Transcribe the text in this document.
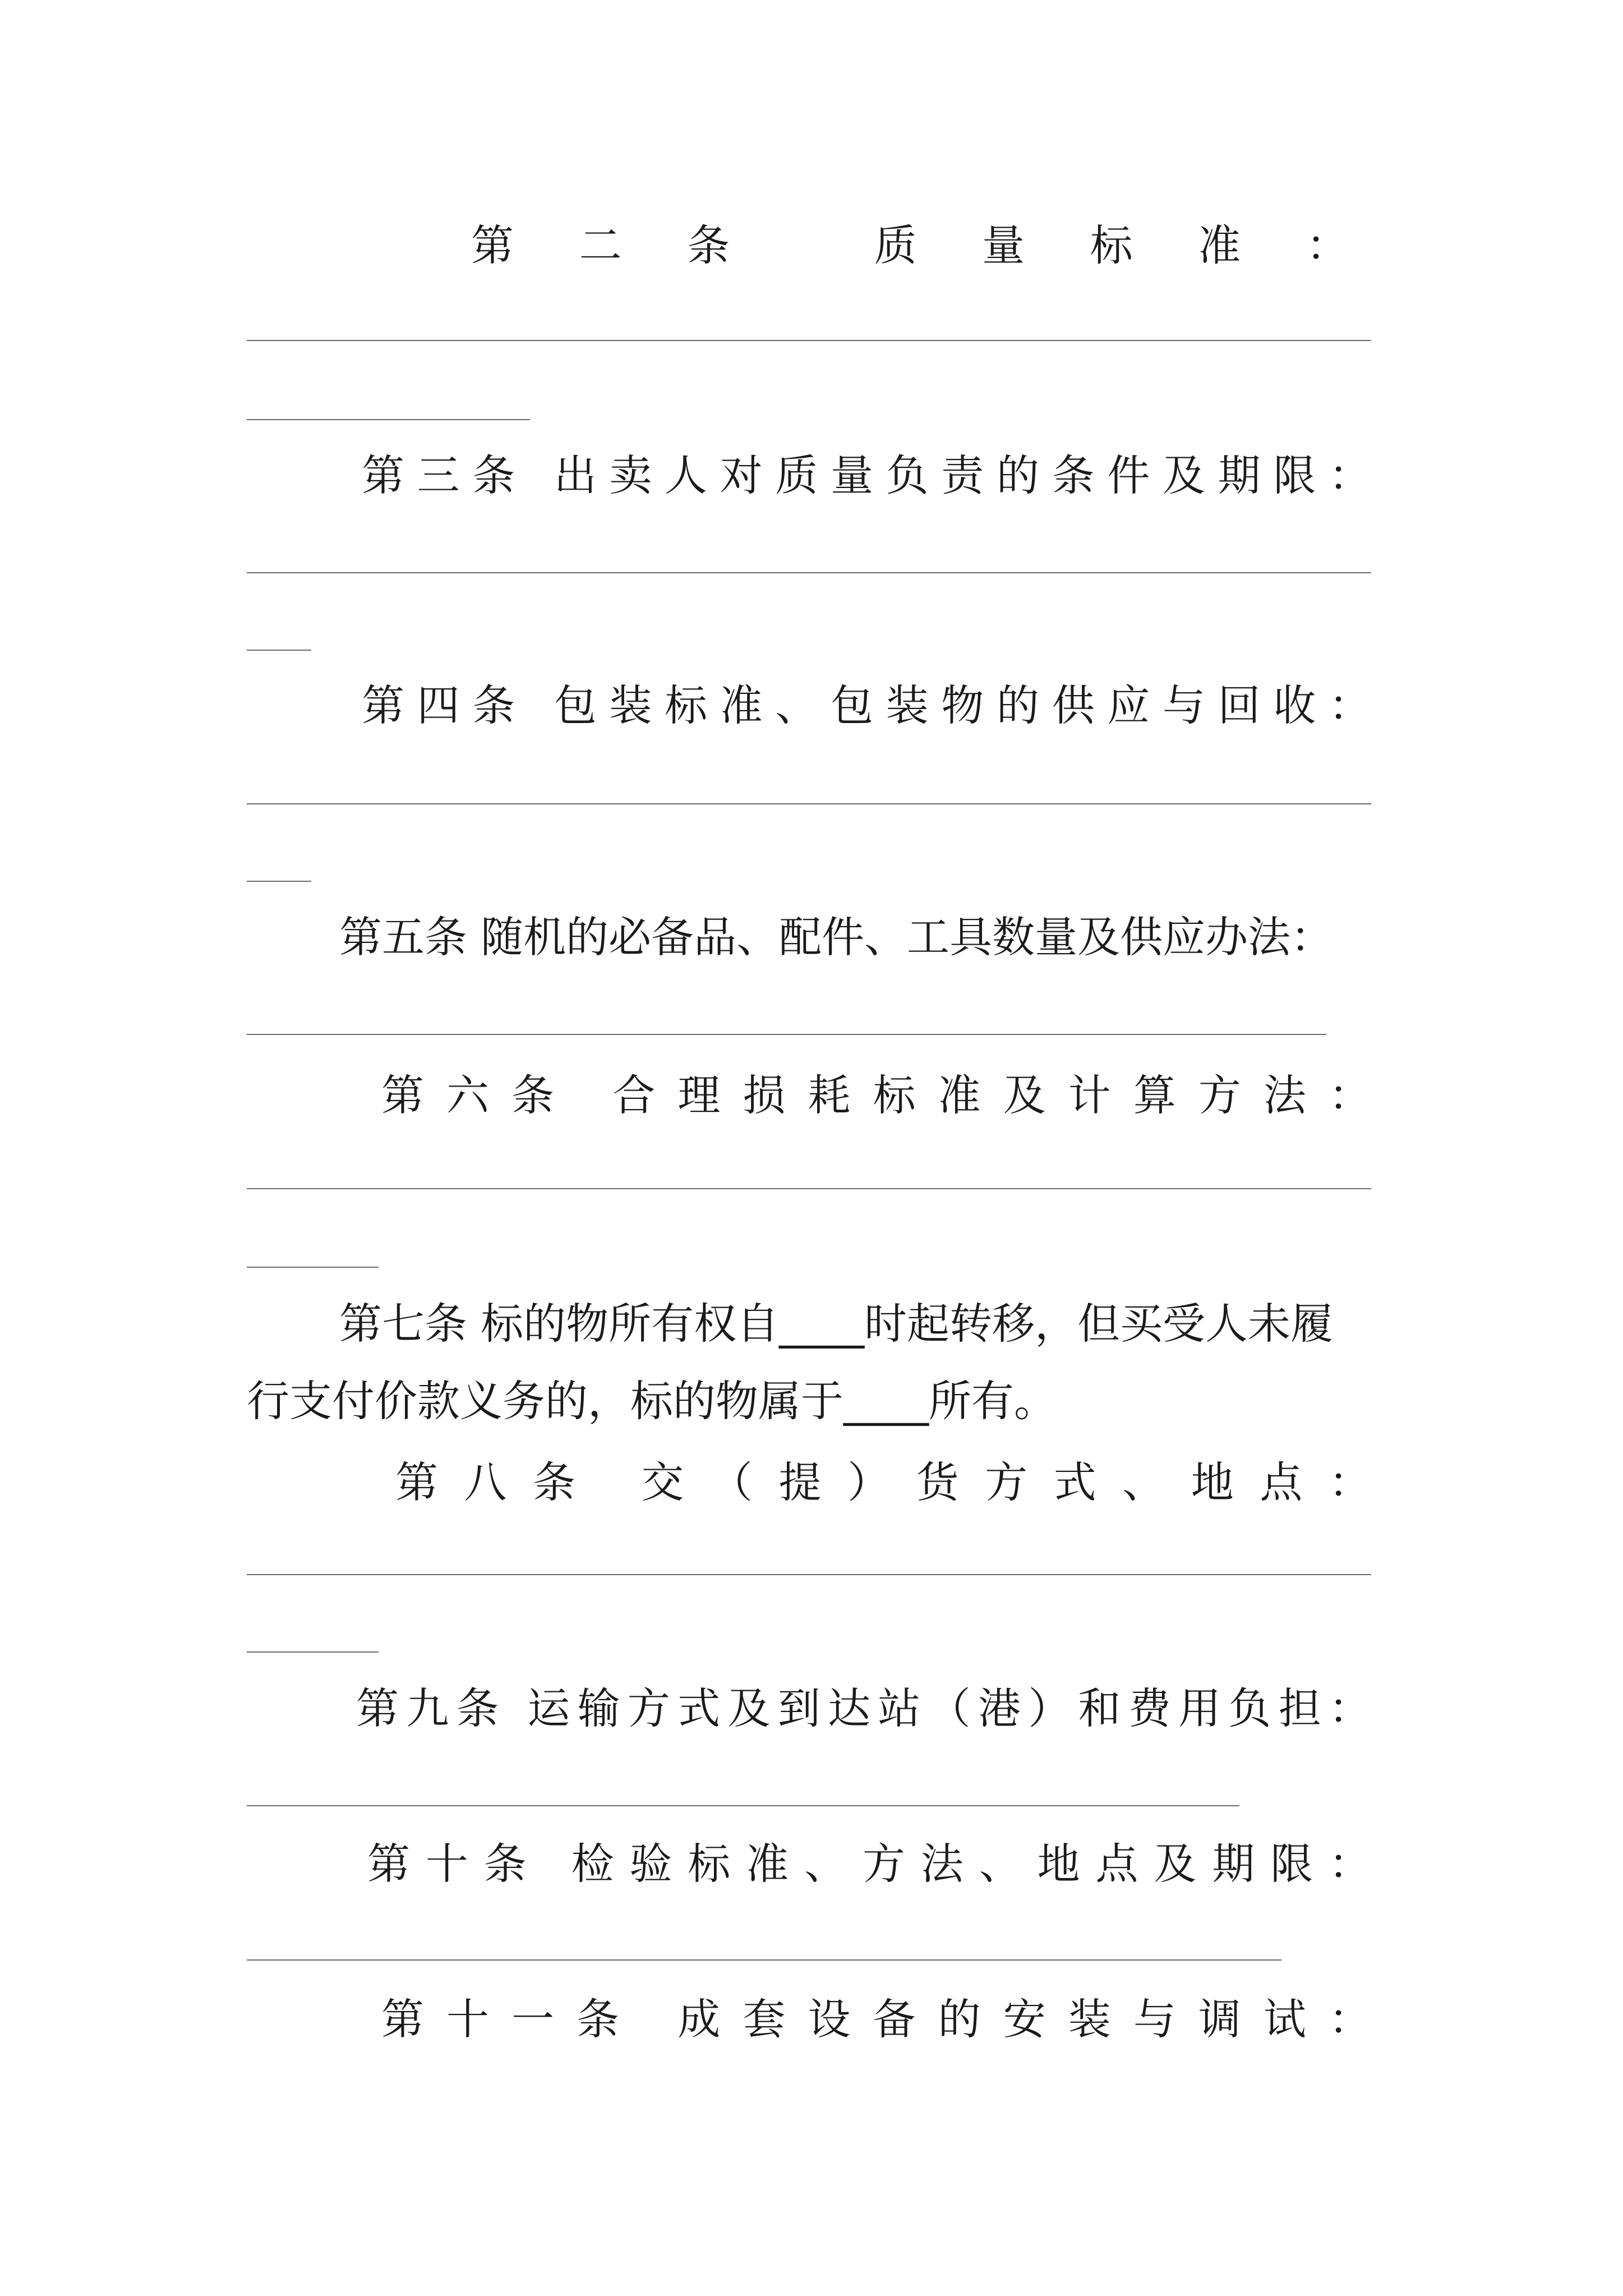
第二条 质量标准：
第三条 出卖人对质量负责的条件及期限：
第四条 包装标准、包装物的供应与回收：
第五条 随机的必备品、配件、工具数量及供应办法：
第六条 合理损耗标准及计算方法：
第七条 标的物所有权自____时起转移，但买受人未履
行支付价款义务的，标的物属于____所有。
第八条 交（提）货方式、地点：
第九条 运输方式及到达站（港）和费用负担：
第十条 检验标准、方法、地点及期限：
第十一条 成套设备的安装与调试：
